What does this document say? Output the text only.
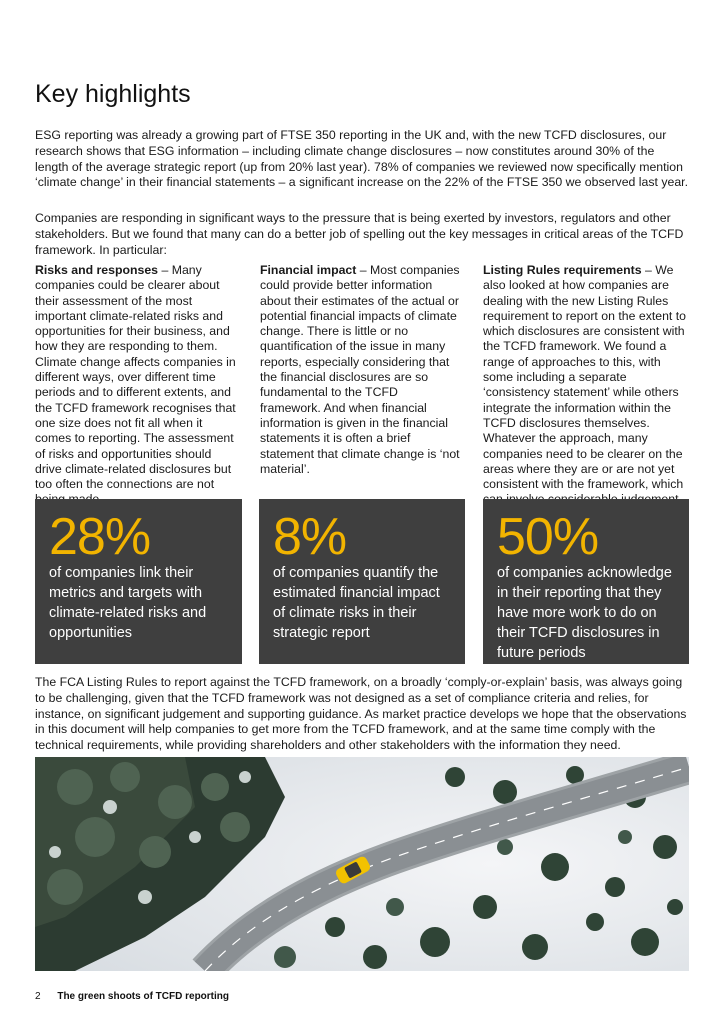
Key highlights

ESG reporting was already a growing part of FTSE 350 reporting in the UK and, with the new TCFD disclosures, our research shows that ESG information – including climate change disclosures – now constitutes around 30% of the length of the average strategic report (up from 20% last year). 78% of companies we reviewed now specifically mention ‘climate change’ in their financial statements – a significant increase on the 22% of the FTSE 350 we observed last year.

Companies are responding in significant ways to the pressure that is being exerted by investors, regulators and other stakeholders. But we found that many can do a better job of spelling out the key messages in critical areas of the TCFD framework. In particular:

Risks and responses – Many companies could be clearer about their assessment of the most important climate-related risks and opportunities for their business, and how they are responding to them. Climate change affects companies in different ways, over different time periods and to different extents, and the TCFD framework recognises that one size does not fit all when it comes to reporting. The assessment of risks and opportunities should drive climate-related disclosures but too often the connections are not

Financial impact – Most companies could provide better information about their estimates of the actual or potential financial impacts of climate change. There is little or no quantification of the issue in many reports, especially considering that the financial disclosures are so fundamental to the TCFD framework. And when financial information is given in the financial statements it is often a brief statement that climate change is ‘not material’.

Listing Rules requirements – We also looked at how companies are dealing with the new Listing Rules requirement to report on the extent to which disclosures are consistent with the TCFD framework. We found a range of approaches to this, with some including a separate ‘consistency statement’ while others integrate the information within the TCFD disclosures themselves. Whatever the approach, many companies need to be clearer on the areas where they are or are not yet consistent with the framework, which

28%
of companies link their metrics and targets with climate-related risks and opportunities
8%
of companies quantify the estimated financial impact of climate risks in their strategic report
50%
of companies acknowledge in their reporting that they have more work to do on their TCFD disclosures in future periods

The FCA Listing Rules to report against the TCFD framework, on a broadly ‘comply-or-explain’ basis, was always going to be challenging, given that the TCFD framework was not designed as a set of compliance criteria and relies, for instance, on significant judgement and supporting guidance. As market practice develops we hope that the observations in this document will help companies to get more from the TCFD framework, and at the same time comply with the technical requirements, while providing shareholders and other stakeholders with the information they need.

2 The green shoots of TCFD reporting
